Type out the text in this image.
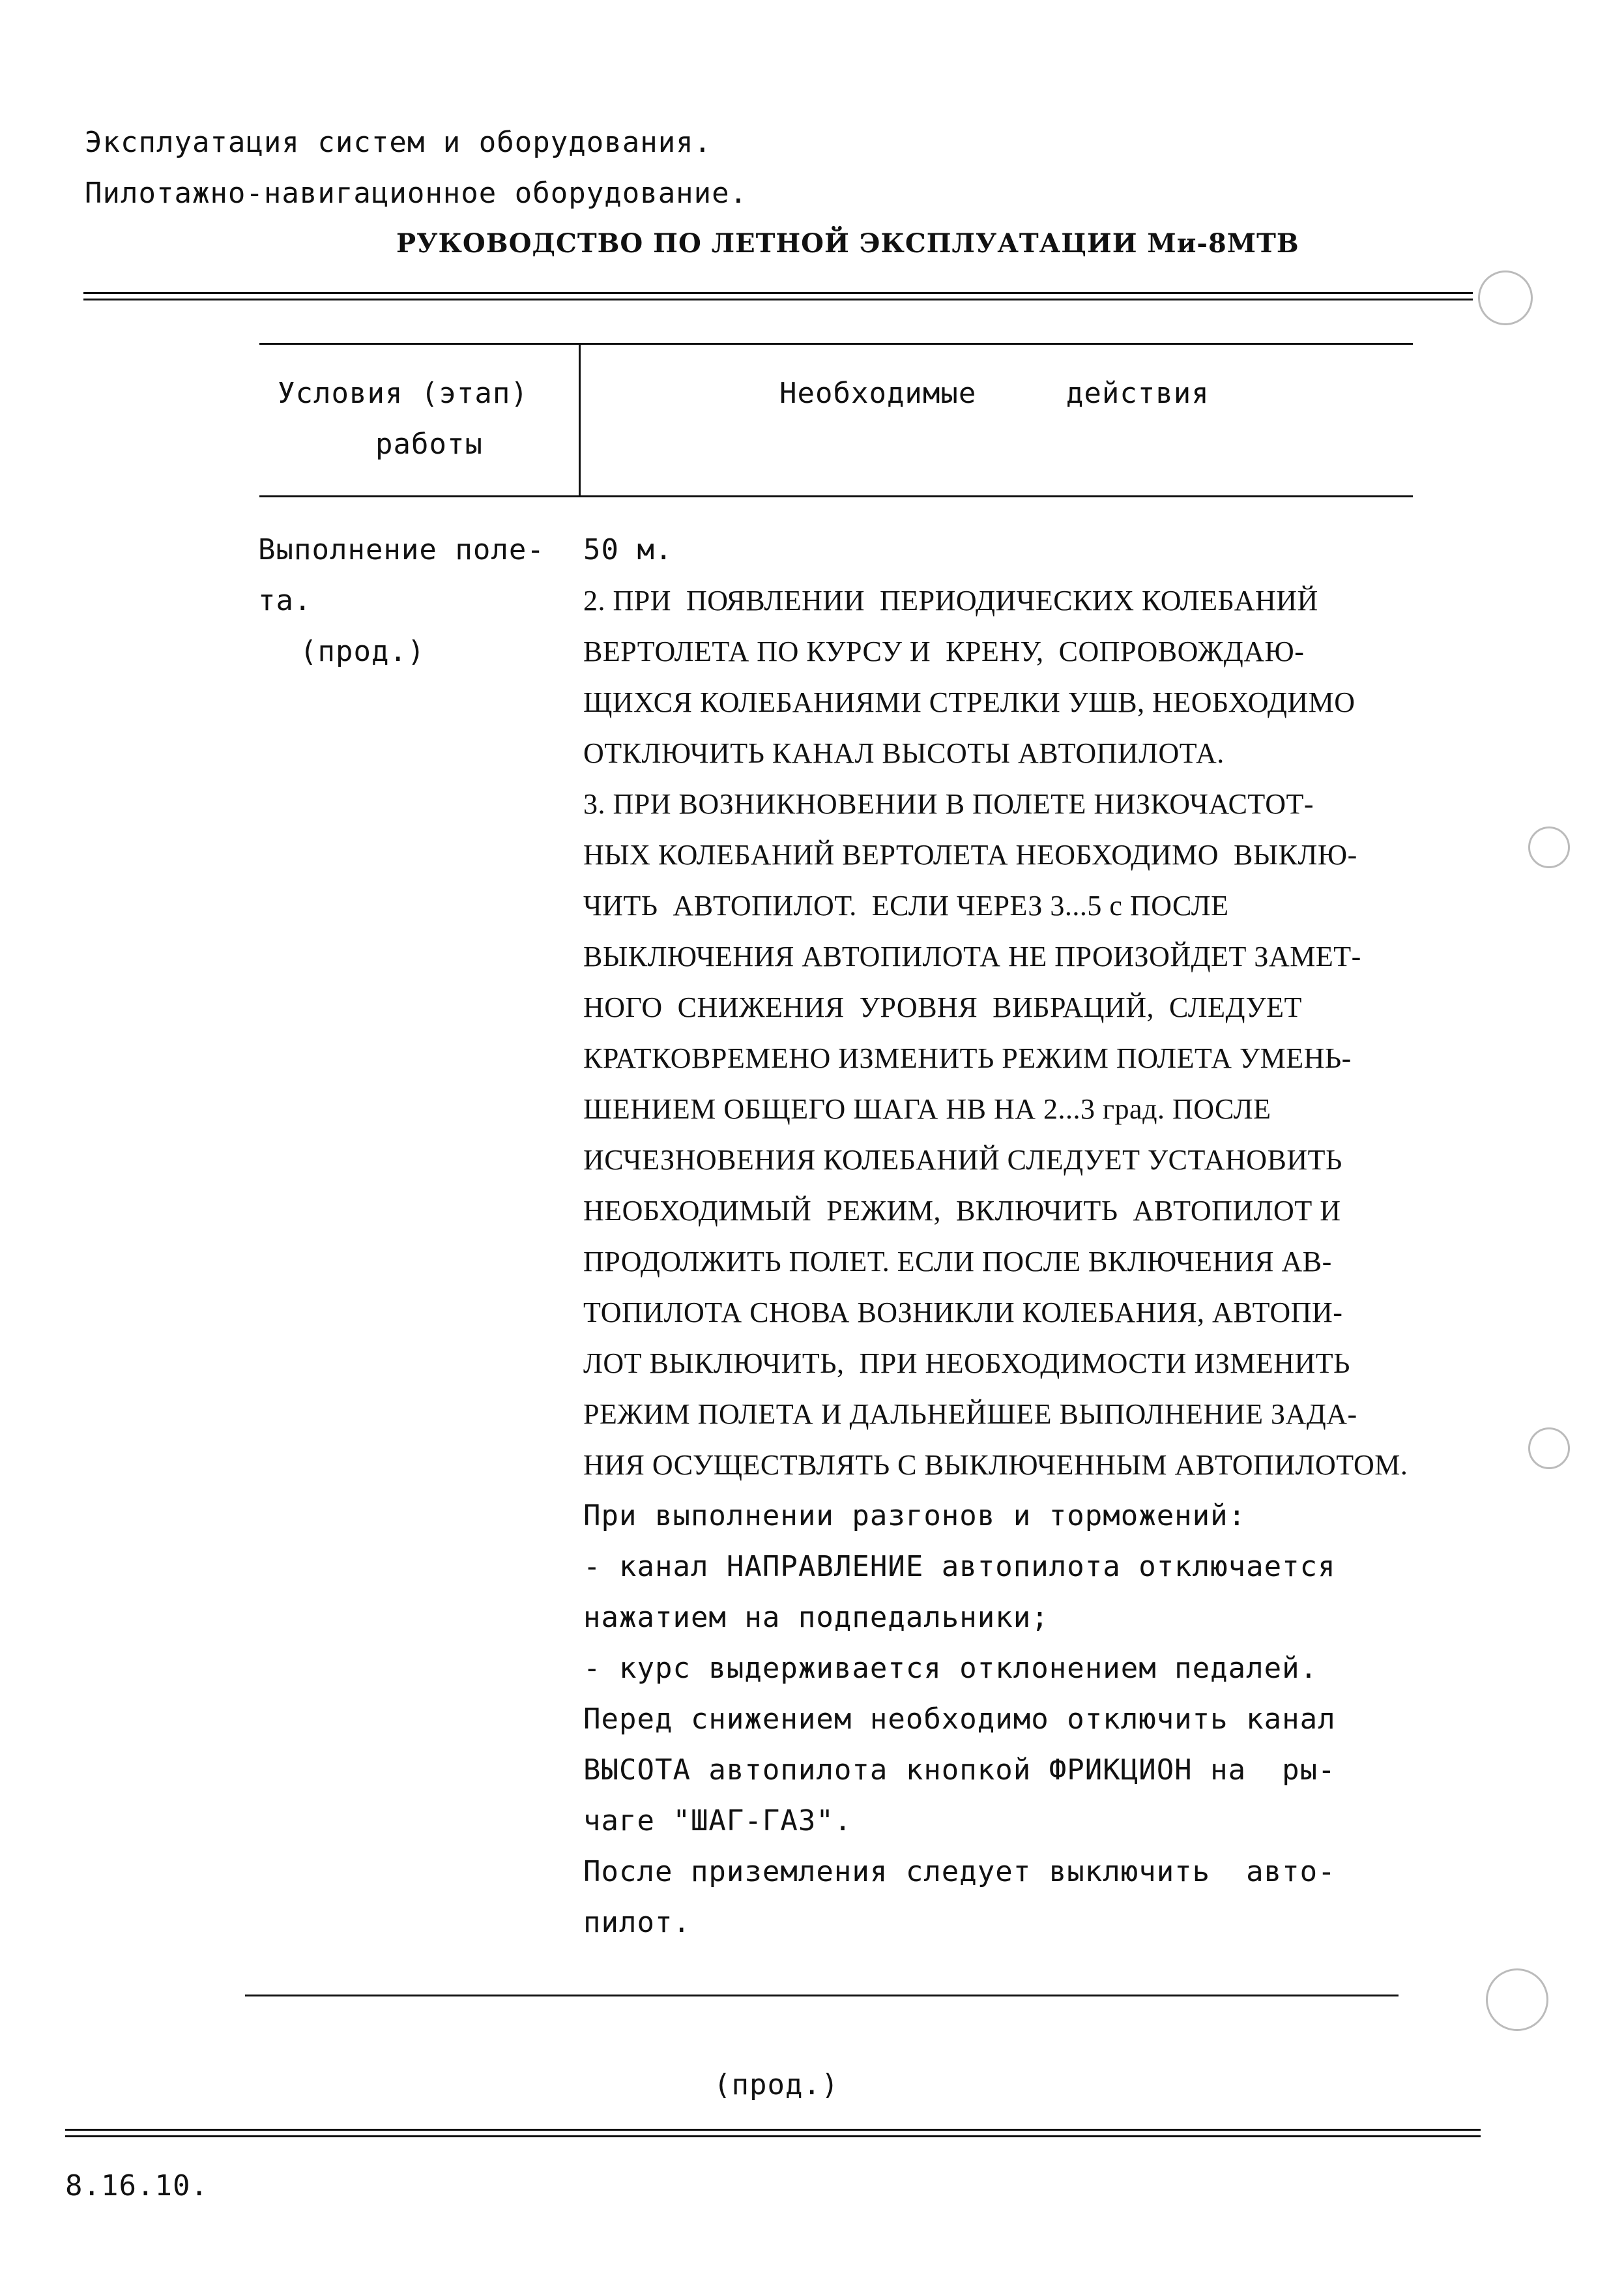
Эксплуатация систем и оборудования.
Пилотажно-навигационное оборудование.
РУКОВОДСТВО ПО ЛЕТНОЙ ЭКСПЛУАТАЦИИ Ми-8МТВ
Условия (этап)
работы
Необходимые     действия
Выполнение поле-
та.
(прод.)
50 м.
2. ПРИ  ПОЯВЛЕНИИ  ПЕРИОДИЧЕСКИХ КОЛЕБАНИЙ
ВЕРТОЛЕТА ПО КУРСУ И  КРЕНУ,  СОПРОВОЖДАЮ-
ЩИХСЯ КОЛЕБАНИЯМИ СТРЕЛКИ УШВ, НЕОБХОДИМО
ОТКЛЮЧИТЬ КАНАЛ ВЫСОТЫ АВТОПИЛОТА.
3. ПРИ ВОЗНИКНОВЕНИИ В ПОЛЕТЕ НИЗКОЧАСТОТ-
НЫХ КОЛЕБАНИЙ ВЕРТОЛЕТА НЕОБХОДИМО  ВЫКЛЮ-
ЧИТЬ  АВТОПИЛОТ.  ЕСЛИ ЧЕРЕЗ 3...5 с ПОСЛЕ
ВЫКЛЮЧЕНИЯ АВТОПИЛОТА НЕ ПРОИЗОЙДЕТ ЗАМЕТ-
НОГО  СНИЖЕНИЯ  УРОВНЯ  ВИБРАЦИЙ,  СЛЕДУЕТ
КРАТКОВРЕМЕНО ИЗМЕНИТЬ РЕЖИМ ПОЛЕТА УМЕНЬ-
ШЕНИЕМ ОБЩЕГО ШАГА НВ НА 2...3 град. ПОСЛЕ
ИСЧЕЗНОВЕНИЯ КОЛЕБАНИЙ СЛЕДУЕТ УСТАНОВИТЬ
НЕОБХОДИМЫЙ  РЕЖИМ,  ВКЛЮЧИТЬ  АВТОПИЛОТ И
ПРОДОЛЖИТЬ ПОЛЕТ. ЕСЛИ ПОСЛЕ ВКЛЮЧЕНИЯ АВ-
ТОПИЛОТА СНОВА ВОЗНИКЛИ КОЛЕБАНИЯ, АВТОПИ-
ЛОТ ВЫКЛЮЧИТЬ,  ПРИ НЕОБХОДИМОСТИ ИЗМЕНИТЬ
РЕЖИМ ПОЛЕТА И ДАЛЬНЕЙШЕЕ ВЫПОЛНЕНИЕ ЗАДА-
НИЯ ОСУЩЕСТВЛЯТЬ С ВЫКЛЮЧЕННЫМ АВТОПИЛОТОМ.
При выполнении разгонов и торможений:
- канал НАПРАВЛЕНИЕ автопилота отключается
нажатием на подпедальники;
- курс выдерживается отклонением педалей.
Перед снижением необходимо отключить канал
ВЫСОТА автопилота кнопкой ФРИКЦИОН на  ры-
чаге "ШАГ-ГАЗ".
После приземления следует выключить  авто-
пилот.
(прод.)
8.16.10.
